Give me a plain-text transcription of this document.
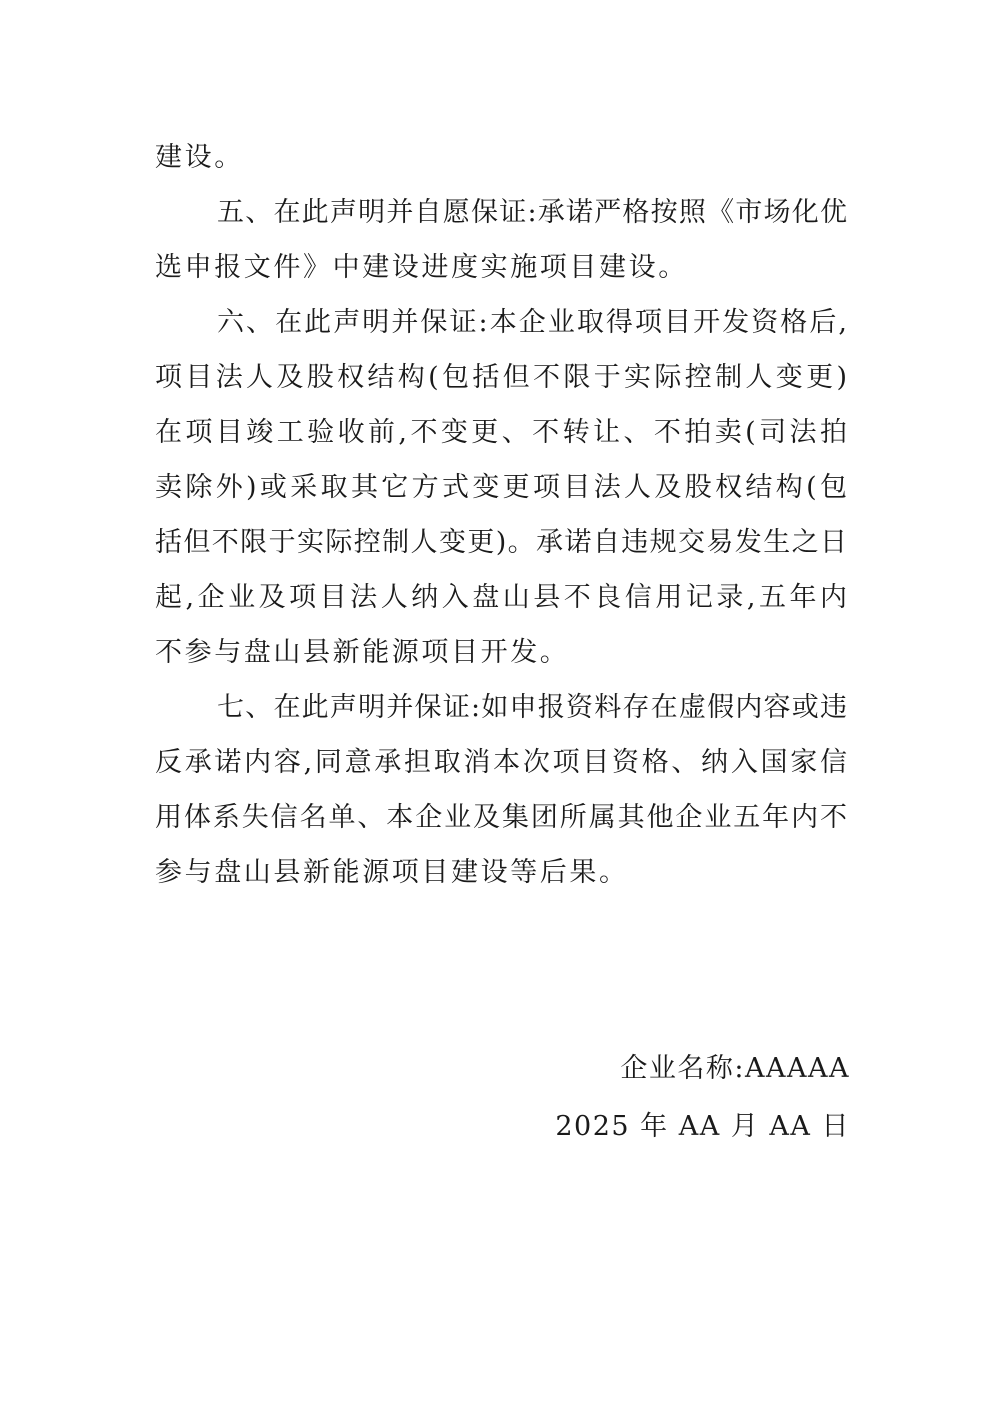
建设。
五、在此声明并自愿保证:承诺严格按照《市场化优
选申报文件》中建设进度实施项目建设。
六、在此声明并保证:本企业取得项目开发资格后,
项目法人及股权结构(包括但不限于实际控制人变更)
在项目竣工验收前,不变更、不转让、不拍卖(司法拍
卖除外)或采取其它方式变更项目法人及股权结构(包
括但不限于实际控制人变更)。承诺自违规交易发生之日
起,企业及项目法人纳入盘山县不良信用记录,五年内
不参与盘山县新能源项目开发。
七、在此声明并保证:如申报资料存在虚假内容或违
反承诺内容,同意承担取消本次项目资格、纳入国家信
用体系失信名单、本企业及集团所属其他企业五年内不
参与盘山县新能源项目建设等后果。
企业名称:AAAAA
2025 年 AA 月 AA 日
